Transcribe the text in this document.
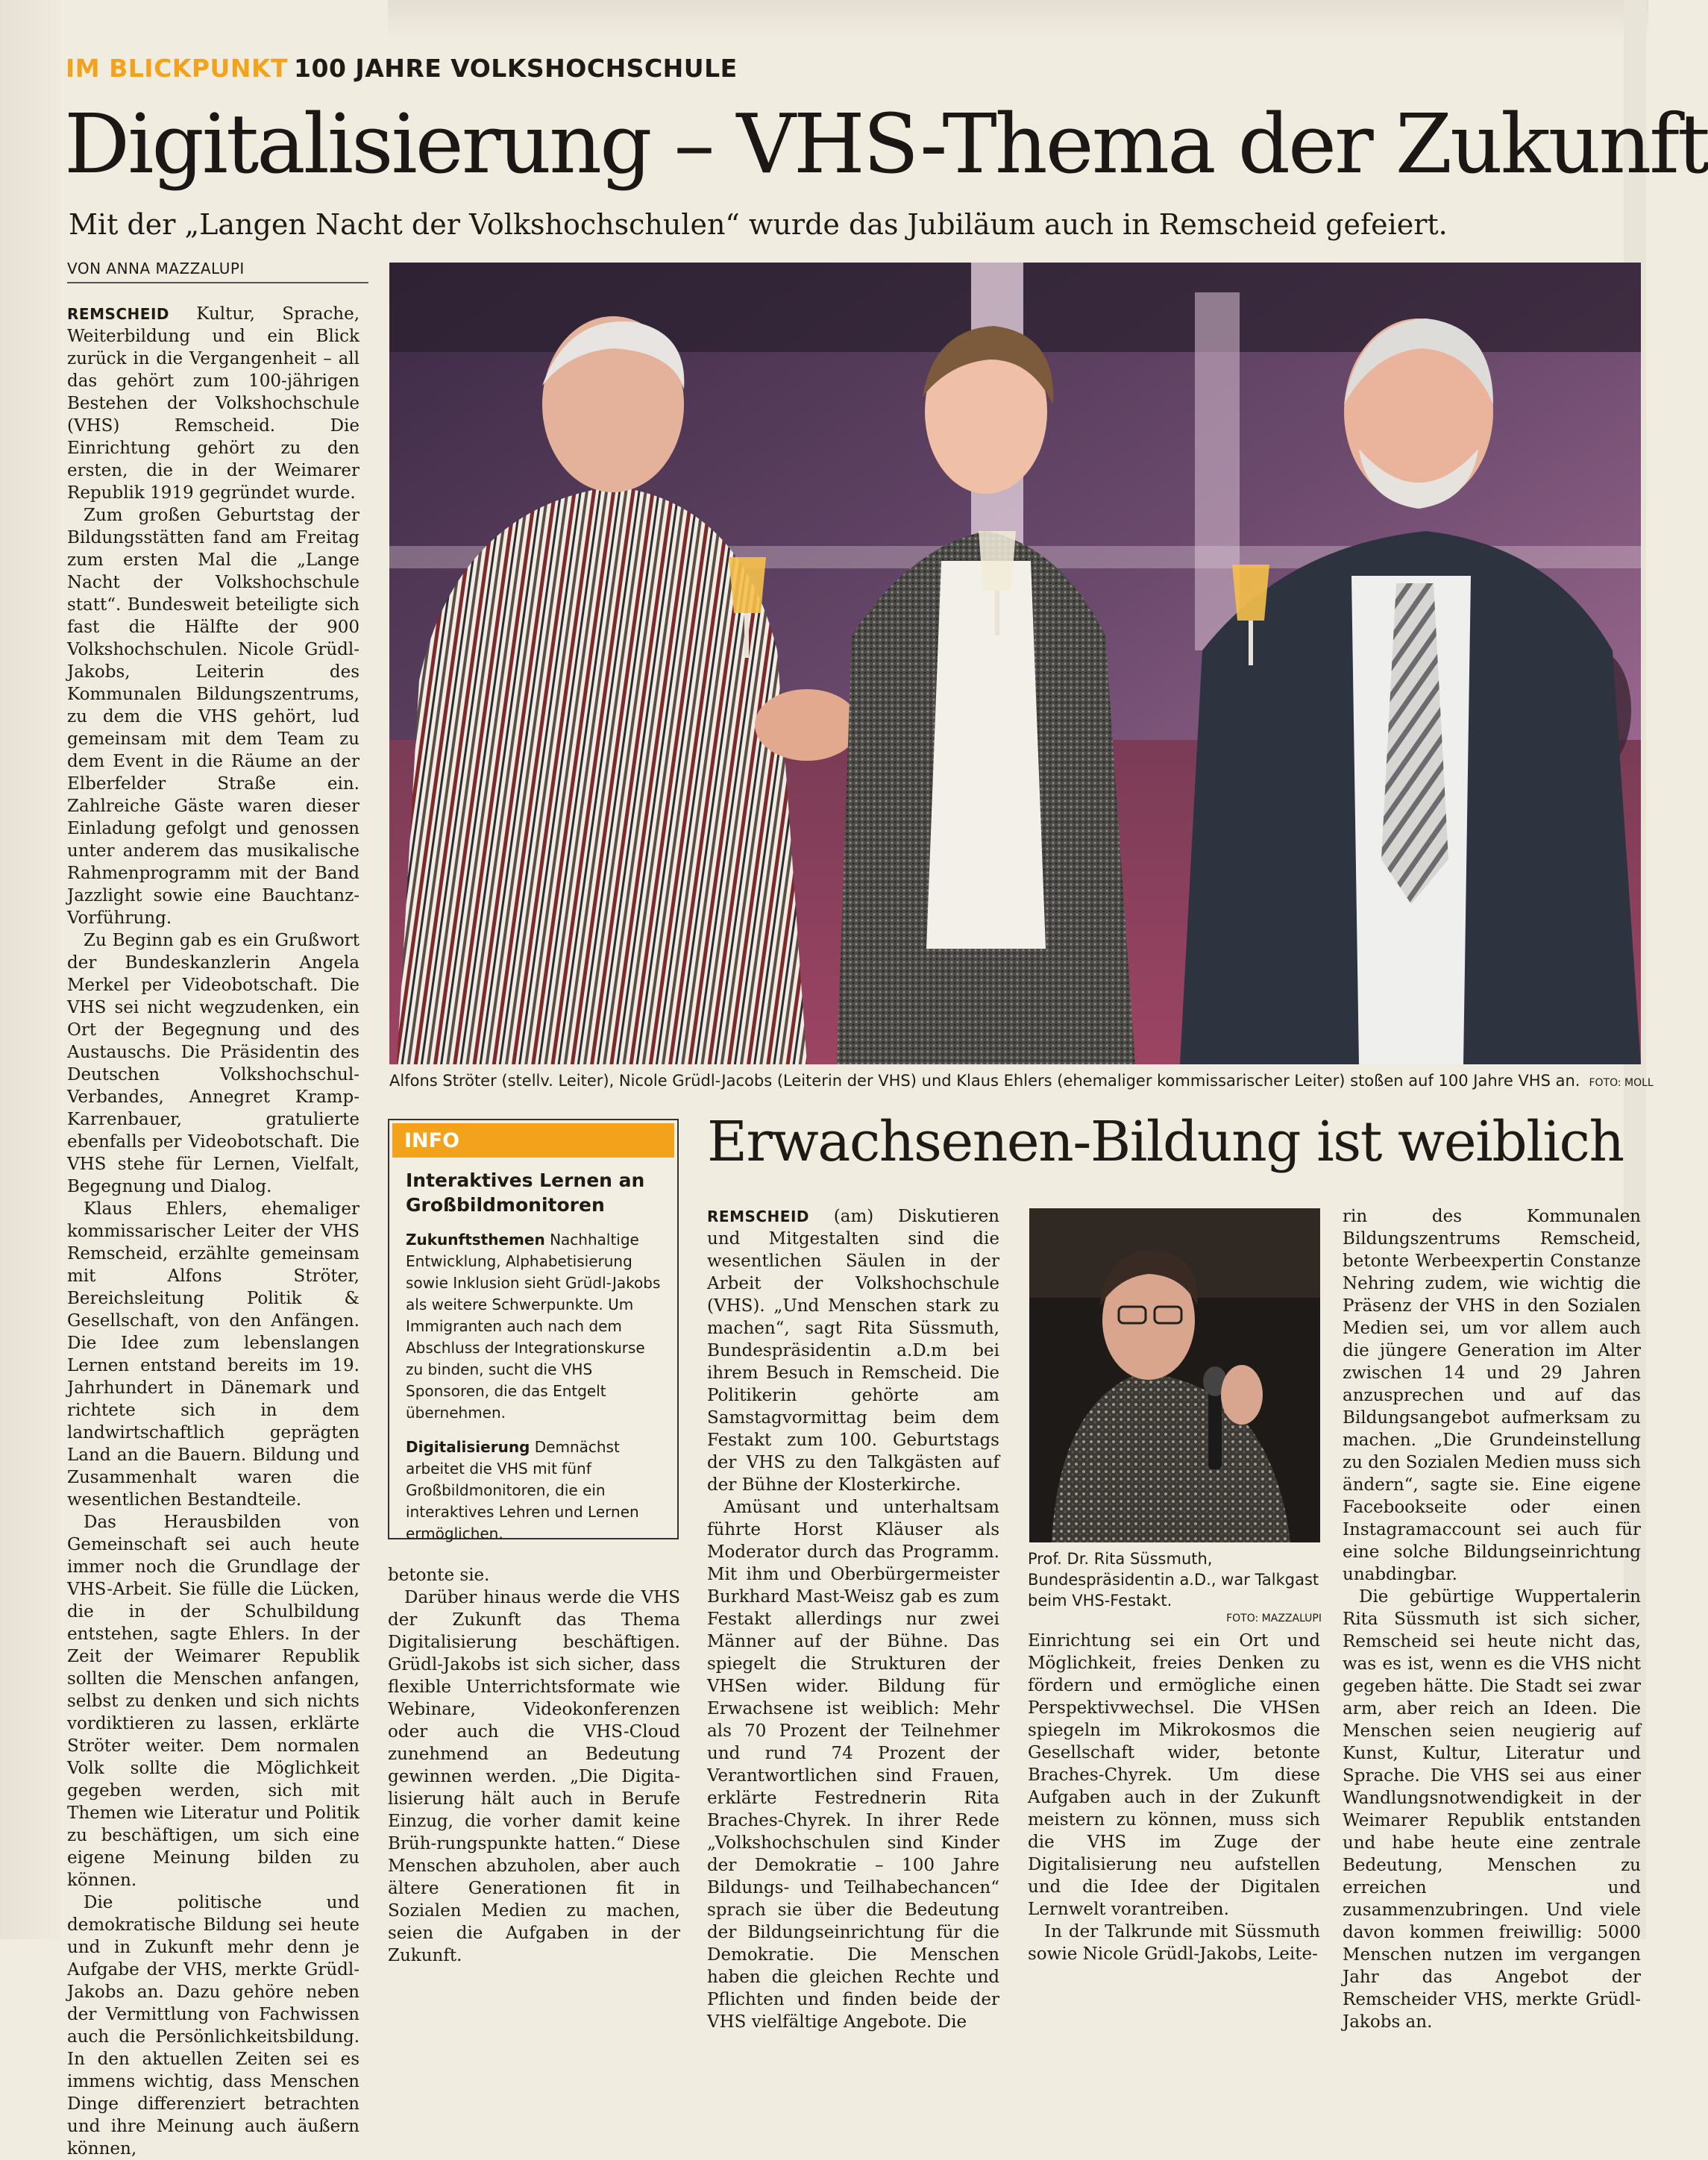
IM BLICKPUNKT 100 JAHRE VOLKSHOCHSCHULE
Digitalisierung – VHS-Thema der Zukunft
Mit der „Langen Nacht der Volkshochschulen“ wurde das Jubiläum auch in Remscheid gefeiert.
VON ANNA MAZZALUPI

REMSCHEID Kultur, Sprache, Weiterbildung und ein Blick zurück in die Vergangenheit – all das gehört zum 100-jährigen Bestehen der Volkshochschule (VHS) Remscheid. Die Einrichtung gehört zu den ersten, die in der Weimarer Republik 1919 gegründet wurde.

Zum großen Geburtstag der Bildungsstätten fand am Freitag zum ersten Mal die „Lange Nacht der Volkshochschule statt“. Bundesweit beteiligte sich fast die Hälfte der 900 Volkshochschulen. Nicole Grüdl-Jakobs, Leiterin des Kommunalen Bildungszentrums, zu dem die VHS gehört, lud gemeinsam mit dem Team zu dem Event in die Räume an der Elberfelder Straße ein. Zahlreiche Gäste waren dieser Einladung gefolgt und genossen unter anderem das musikalische Rahmenprogramm mit der Band Jazzlight sowie eine Bauchtanz-Vorführung.

Zu Beginn gab es ein Grußwort der Bundeskanzlerin Angela Merkel per Videobotschaft. Die VHS sei nicht wegzudenken, ein Ort der Begegnung und des Austauschs. Die Präsidentin des Deutschen Volkshochschul-Verbandes, Annegret Kramp-Karrenbauer, gratulierte ebenfalls per Videobotschaft. Die VHS stehe für Lernen, Vielfalt, Begegnung und Dialog.

Klaus Ehlers, ehemaliger kommissarischer Leiter der VHS Remscheid, erzählte gemeinsam mit Alfons Ströter, Bereichsleitung Politik & Gesellschaft, von den Anfängen. Die Idee zum lebenslangen Lernen entstand bereits im 19. Jahrhundert in Dänemark und richtete sich in dem landwirtschaftlich geprägten Land an die Bauern. Bildung und Zusammenhalt waren die wesentlichen Bestandteile.

Das Herausbilden von Gemeinschaft sei auch heute immer noch die Grundlage der VHS-Arbeit. Sie fülle die Lücken, die in der Schulbildung entstehen, sagte Ehlers. In der Zeit der Weimarer Republik sollten die Menschen anfangen, selbst zu denken und sich nichts vordiktieren zu lassen, erklärte Ströter weiter. Dem normalen Volk sollte die Möglichkeit gegeben werden, sich mit Themen wie Literatur und Politik zu beschäftigen, um sich eine eigene Meinung bilden zu können.

Die politische und demokratische Bildung sei heute und in Zukunft mehr denn je Aufgabe der VHS, merkte Grüdl-Jakobs an. Dazu gehöre neben der Vermittlung von Fachwissen auch die Persönlichkeitsbildung. In den aktuellen Zeiten sei es immens wichtig, dass Menschen Dinge differenziert betrachten und ihre Meinung auch äußern können,

Alfons Ströter (stellv. Leiter), Nicole Grüdl-Jacobs (Leiterin der VHS) und Klaus Ehlers (ehemaliger kommissarischer Leiter) stoßen auf 100 Jahre VHS an. FOTO: MOLL
INFO
Interaktives Lernen an Großbildmonitoren
Zukunftsthemen Nachhaltige Entwicklung, Alphabetisierung sowie Inklusion sieht Grüdl-Jakobs als weitere Schwerpunkte. Um Immigranten auch nach dem Abschluss der Integrationskurse zu binden, sucht die VHS Sponsoren, die das Entgelt übernehmen.
Digitalisierung Demnächst arbeitet die VHS mit fünf Großbildmonitoren, die ein interaktives Lehren und Lernen ermöglichen.

betonte sie.

Darüber hinaus werde die VHS der Zukunft das Thema Digitalisierung beschäftigen. Grüdl-Jakobs ist sich sicher, dass flexible Unterrichtsformate wie Webinare, Videokonferenzen oder auch die VHS-Cloud zunehmend an Bedeutung gewinnen werden. „Die Digita-lisierung hält auch in Berufe Einzug, die vorher damit keine Brüh-rungspunkte hatten.“ Diese Menschen abzuholen, aber auch ältere Generationen fit in Sozialen Medien zu machen, seien die Aufgaben in der Zukunft.

Erwachsenen-Bildung ist weiblich

REMSCHEID (am) Diskutieren und Mitgestalten sind die wesentlichen Säulen in der Arbeit der Volkshochschule (VHS). „Und Menschen stark zu machen“, sagt Rita Süssmuth, Bundespräsidentin a.D.m bei ihrem Besuch in Remscheid. Die Politikerin gehörte am Samstagvormittag beim dem Festakt zum 100. Geburtstags der VHS zu den Talkgästen auf der Bühne der Klosterkirche.

Amüsant und unterhaltsam führte Horst Kläuser als Moderator durch das Programm. Mit ihm und Oberbürgermeister Burkhard Mast-Weisz gab es zum Festakt allerdings nur zwei Männer auf der Bühne. Das spiegelt die Strukturen der VHSen wider. Bildung für Erwachsene ist weiblich: Mehr als 70 Prozent der Teilnehmer und rund 74 Prozent der Verantwortlichen sind Frauen, erklärte Festrednerin Rita Braches-Chyrek. In ihrer Rede „Volkshochschulen sind Kinder der Demokratie – 100 Jahre Bildungs- und Teilhabechancen“ sprach sie über die Bedeutung der Bildungseinrichtung für die Demokratie. Die Menschen haben die gleichen Rechte und Pflichten und finden beide der VHS vielfältige Angebote. Die

Prof. Dr. Rita Süssmuth, Bundespräsidentin a.D., war Talkgast beim VHS-Festakt.
FOTO: MAZZALUPI

Einrichtung sei ein Ort und Möglichkeit, freies Denken zu fördern und ermögliche einen Perspektivwechsel. Die VHSen spiegeln im Mikrokosmos die Gesellschaft wider, betonte Braches-Chyrek. Um diese Aufgaben auch in der Zukunft meistern zu können, muss sich die VHS im Zuge der Digitalisierung neu aufstellen und die Idee der Digitalen Lernwelt vorantreiben.

In der Talkrunde mit Süssmuth sowie Nicole Grüdl-Jakobs, Leite-

rin des Kommunalen Bildungszentrums Remscheid, betonte Werbeexpertin Constanze Nehring zudem, wie wichtig die Präsenz der VHS in den Sozialen Medien sei, um vor allem auch die jüngere Generation im Alter zwischen 14 und 29 Jahren anzusprechen und auf das Bildungsangebot aufmerksam zu machen. „Die Grundeinstellung zu den Sozialen Medien muss sich ändern“, sagte sie. Eine eigene Facebookseite oder einen Instagramaccount sei auch für eine solche Bildungseinrichtung unabdingbar.

Die gebürtige Wuppertalerin Rita Süssmuth ist sich sicher, Remscheid sei heute nicht das, was es ist, wenn es die VHS nicht gegeben hätte. Die Stadt sei zwar arm, aber reich an Ideen. Die Menschen seien neugierig auf Kunst, Kultur, Literatur und Sprache. Die VHS sei aus einer Wandlungsnotwendigkeit in der Weimarer Republik entstanden und habe heute eine zentrale Bedeutung, Menschen zu erreichen und zusammenzubringen. Und viele davon kommen freiwillig: 5000 Menschen nutzen im vergangen Jahr das Angebot der Remscheider VHS, merkte Grüdl-Jakobs an.
